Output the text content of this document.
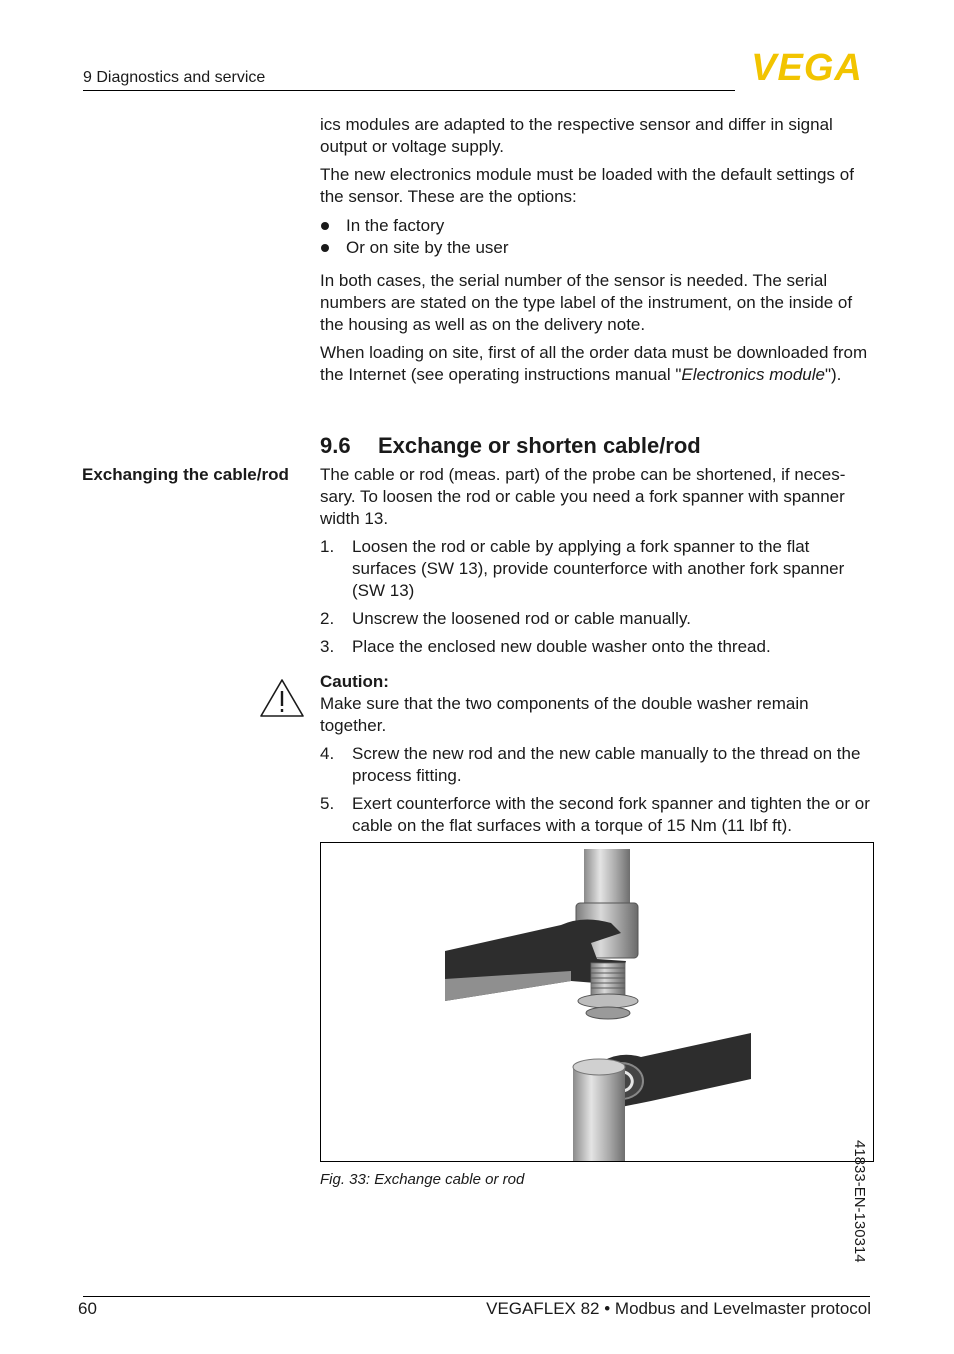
9 Diagnostics and service	VEGA

ics modules are adapted to the respective sensor and differ in signal output or voltage supply.

The new electronics module must be loaded with the default settings of the sensor. These are the options:

In the factory
Or on site by the user

In both cases, the serial number of the sensor is needed. The serial numbers are stated on the type label of the instrument, on the inside of the housing as well as on the delivery note.

When loading on site, first of all the order data must be downloaded from the Internet (see operating instructions manual "Electronics module").

9.6 Exchange or shorten cable/rod
Exchanging the cable/rod The cable or rod (meas. part) of the probe can be shortened, if neces-sary. To loosen the rod or cable you need a fork spanner with spanner width 13.

1. Loosen the rod or cable by applying a fork spanner to the flat surfaces (SW 13), provide counterforce with another fork spanner (SW 13)
2. Unscrew the loosened rod or cable manually.
3. Place the enclosed new double washer onto the thread.
Caution:

Make sure that the two components of the double washer remain together.

4. Screw the new rod and the new cable manually to the thread on the process fitting.
5. Exert counterforce with the second fork spanner and tighten the or or cable on the flat surfaces with a torque of 15 Nm (11 lbf ft).
Fig. 33: Exchange cable or rod	41833-EN-130314
60	VEGAFLEX 82 • Modbus and Levelmaster protocol
